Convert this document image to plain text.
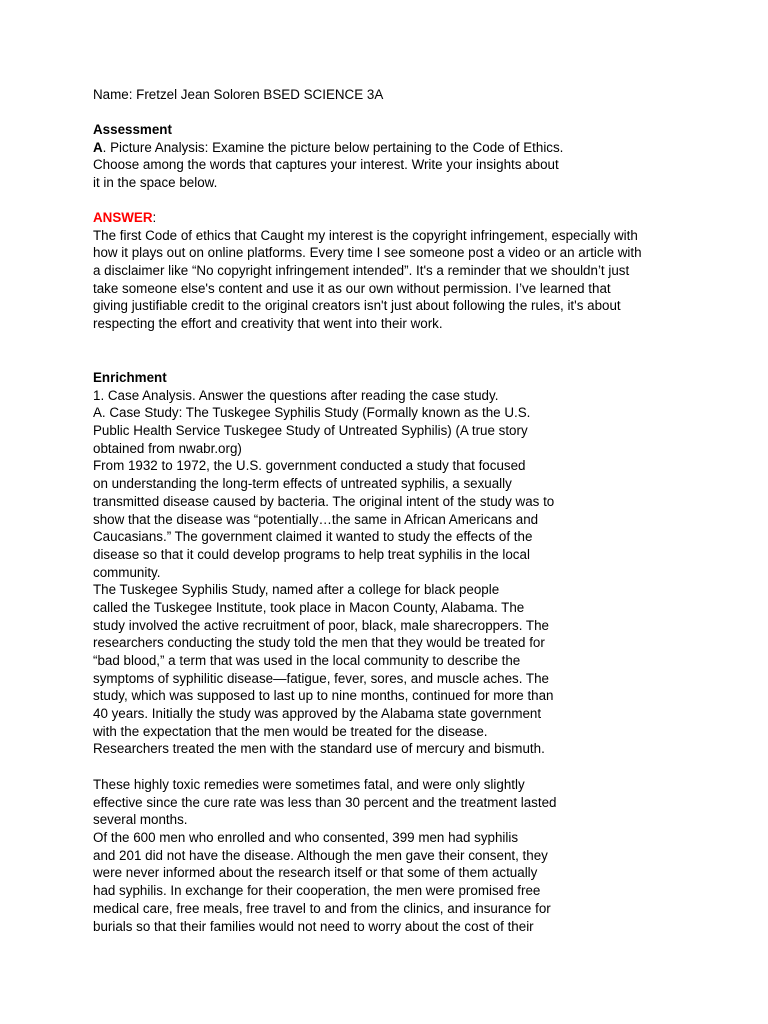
Name: Fretzel Jean Soloren BSED SCIENCE 3A
Assessment
A. Picture Analysis: Examine the picture below pertaining to the Code of Ethics.
Choose among the words that captures your interest. Write your insights about
it in the space below.
ANSWER:
The first Code of ethics that Caught my interest is the copyright infringement, especially with
how it plays out on online platforms. Every time I see someone post a video or an article with
a disclaimer like “No copyright infringement intended”. It's a reminder that we shouldn’t just
take someone else's content and use it as our own without permission. I’ve learned that
giving justifiable credit to the original creators isn't just about following the rules, it's about
respecting the effort and creativity that went into their work.
Enrichment
1. Case Analysis. Answer the questions after reading the case study.
A. Case Study: The Tuskegee Syphilis Study (Formally known as the U.S.
Public Health Service Tuskegee Study of Untreated Syphilis) (A true story
obtained from nwabr.org)
From 1932 to 1972, the U.S. government conducted a study that focused
on understanding the long-term effects of untreated syphilis, a sexually
transmitted disease caused by bacteria. The original intent of the study was to
show that the disease was “potentially…the same in African Americans and
Caucasians.” The government claimed it wanted to study the effects of the
disease so that it could develop programs to help treat syphilis in the local
community.
The Tuskegee Syphilis Study, named after a college for black people
called the Tuskegee Institute, took place in Macon County, Alabama. The
study involved the active recruitment of poor, black, male sharecroppers. The
researchers conducting the study told the men that they would be treated for
“bad blood,” a term that was used in the local community to describe the
symptoms of syphilitic disease—fatigue, fever, sores, and muscle aches. The
study, which was supposed to last up to nine months, continued for more than
40 years. Initially the study was approved by the Alabama state government
with the expectation that the men would be treated for the disease.
Researchers treated the men with the standard use of mercury and bismuth.
These highly toxic remedies were sometimes fatal, and were only slightly
effective since the cure rate was less than 30 percent and the treatment lasted
several months.
Of the 600 men who enrolled and who consented, 399 men had syphilis
and 201 did not have the disease. Although the men gave their consent, they
were never informed about the research itself or that some of them actually
had syphilis. In exchange for their cooperation, the men were promised free
medical care, free meals, free travel to and from the clinics, and insurance for
burials so that their families would not need to worry about the cost of their
